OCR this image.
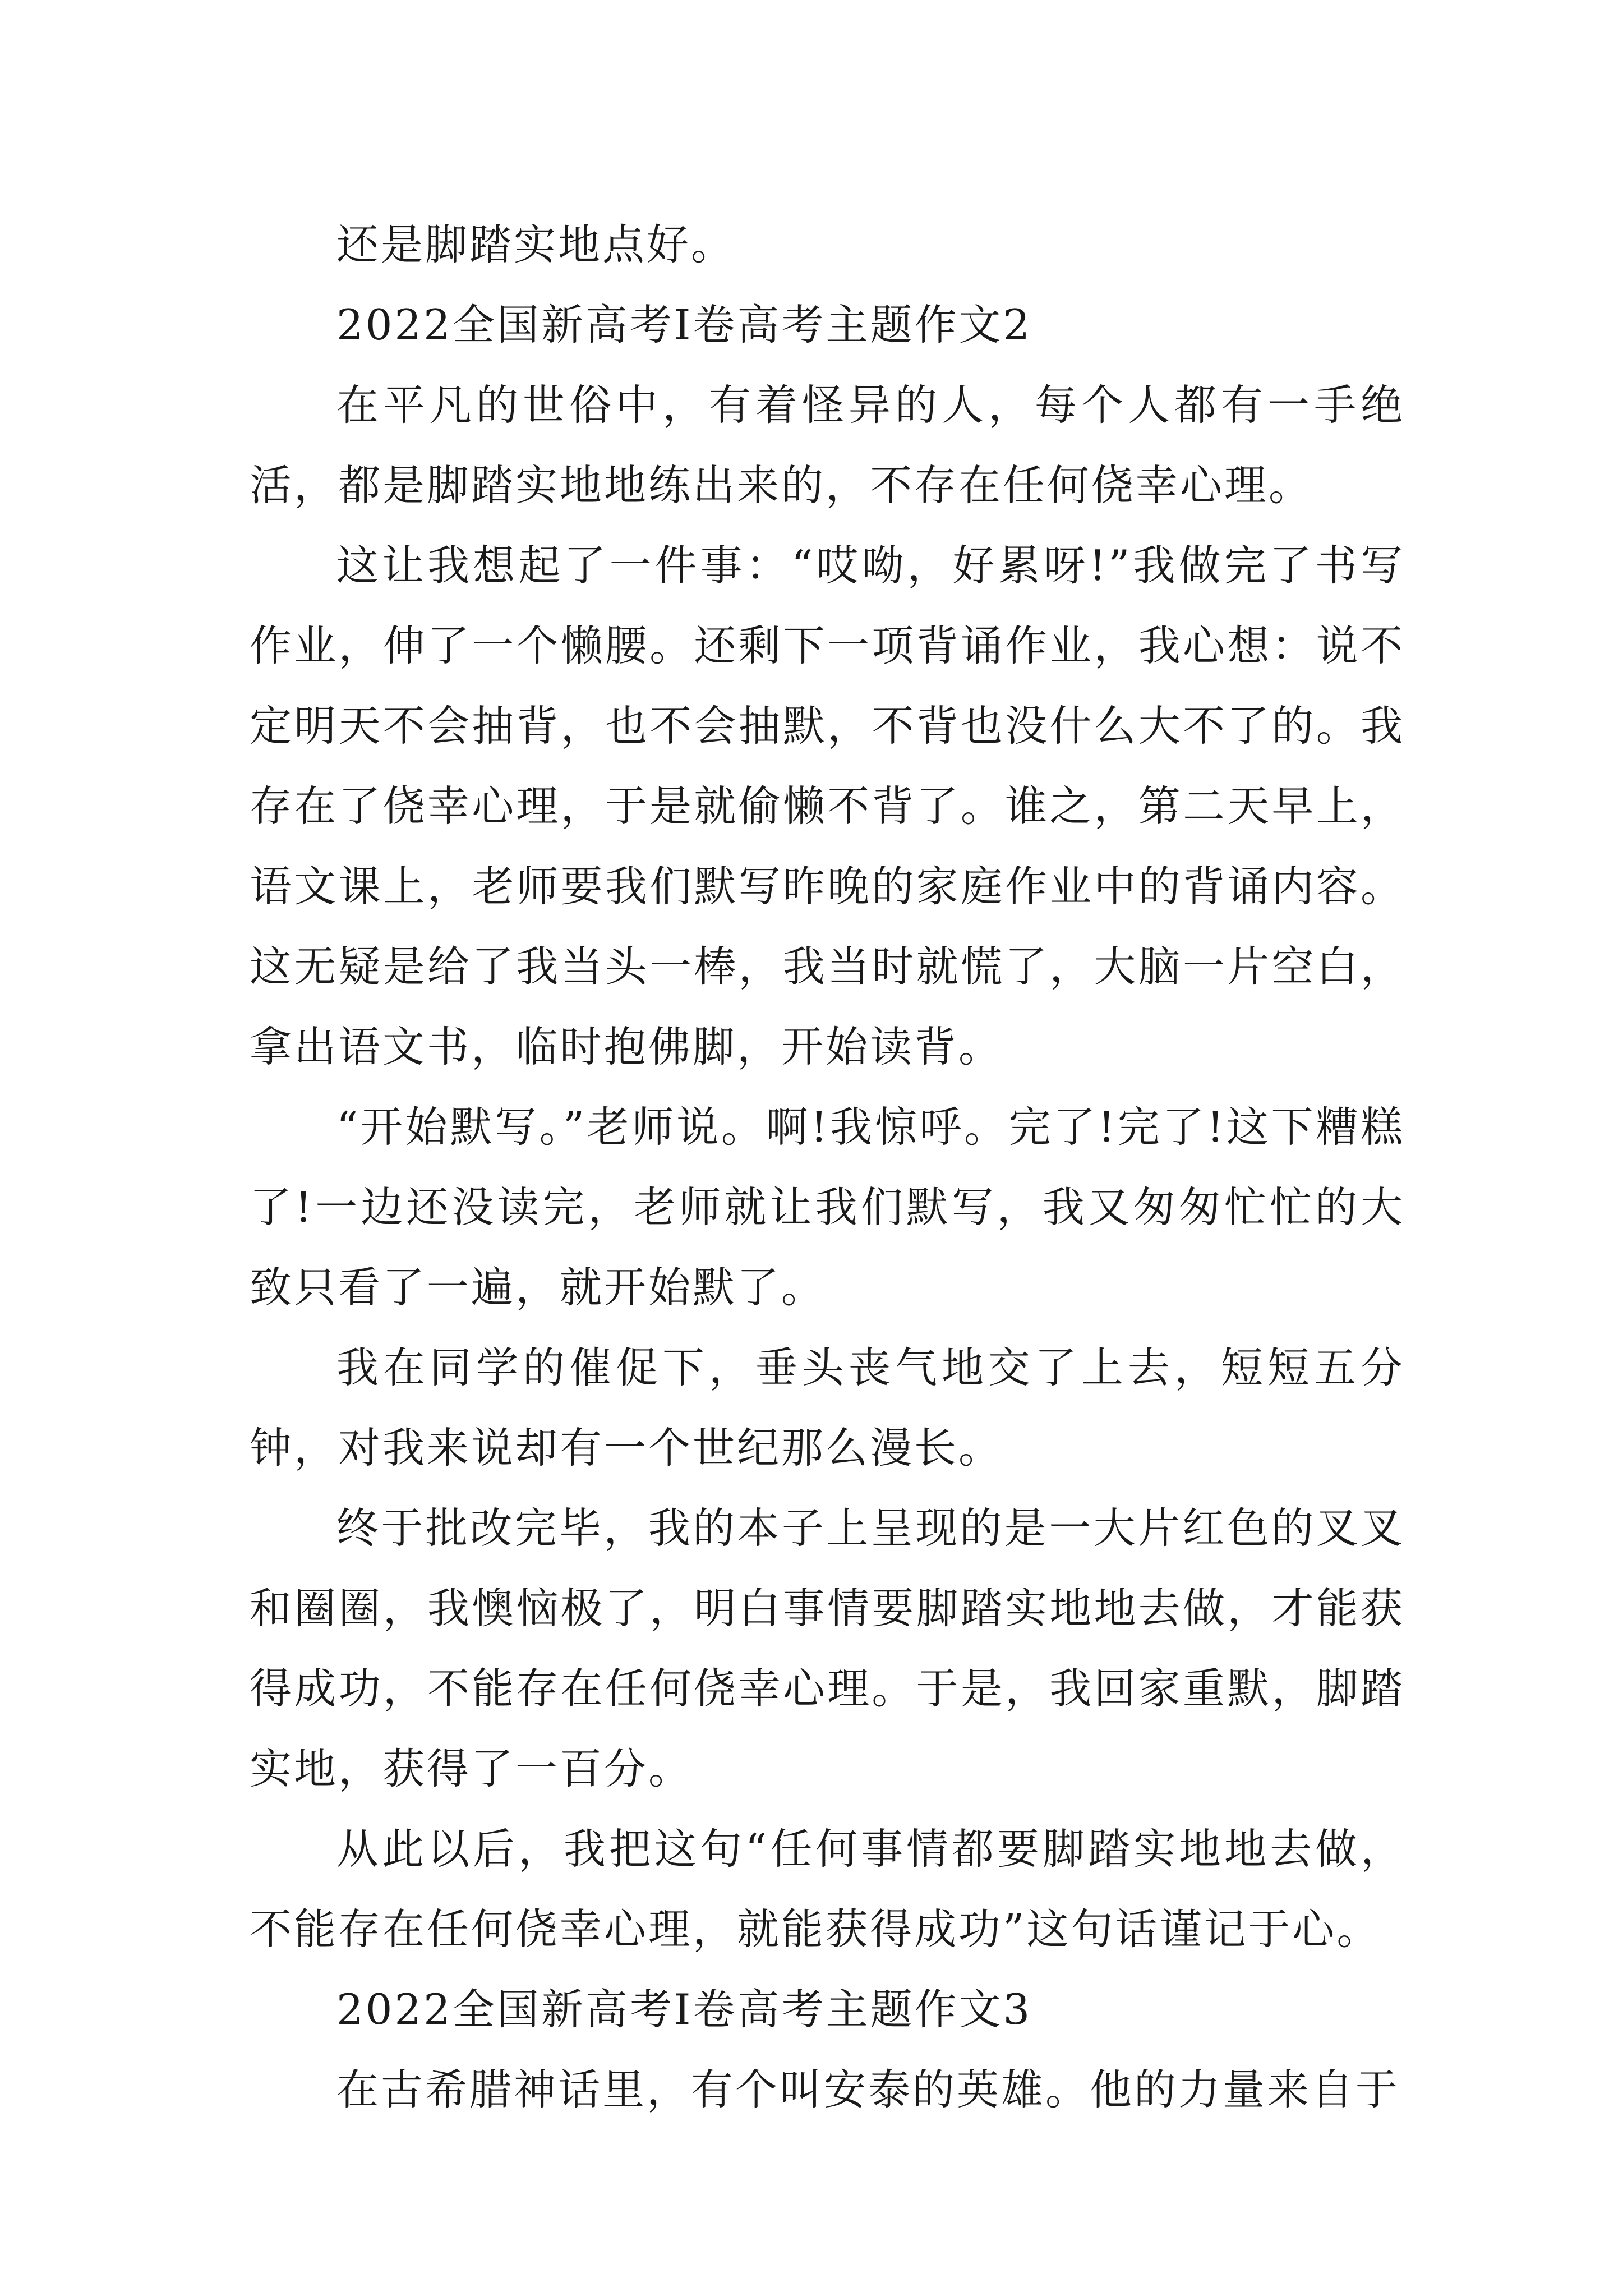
还是脚踏实地点好。

2022全国新高考Ⅰ卷高考主题作文2

在平凡的世俗中，有着怪异的人，每个人都有一手绝活，都是脚踏实地地练出来的，不存在任何侥幸心理。

这让我想起了一件事：“哎呦，好累呀!”我做完了书写作业，伸了一个懒腰。还剩下一项背诵作业，我心想：说不定明天不会抽背，也不会抽默，不背也没什么大不了的。我存在了侥幸心理，于是就偷懒不背了。谁之，第二天早上，语文课上，老师要我们默写昨晚的家庭作业中的背诵内容。这无疑是给了我当头一棒，我当时就慌了，大脑一片空白，拿出语文书，临时抱佛脚，开始读背。

“开始默写。”老师说。啊!我惊呼。完了!完了!这下糟糕了!一边还没读完，老师就让我们默写，我又匆匆忙忙的大致只看了一遍，就开始默了。

我在同学的催促下，垂头丧气地交了上去，短短五分钟，对我来说却有一个世纪那么漫长。

终于批改完毕，我的本子上呈现的是一大片红色的叉叉和圈圈，我懊恼极了，明白事情要脚踏实地地去做，才能获得成功，不能存在任何侥幸心理。于是，我回家重默，脚踏实地，获得了一百分。

从此以后，我把这句“任何事情都要脚踏实地地去做，不能存在任何侥幸心理，就能获得成功”这句话谨记于心。

2022全国新高考Ⅰ卷高考主题作文3

在古希腊神话里，有个叫安泰的英雄。他的力量来自于
